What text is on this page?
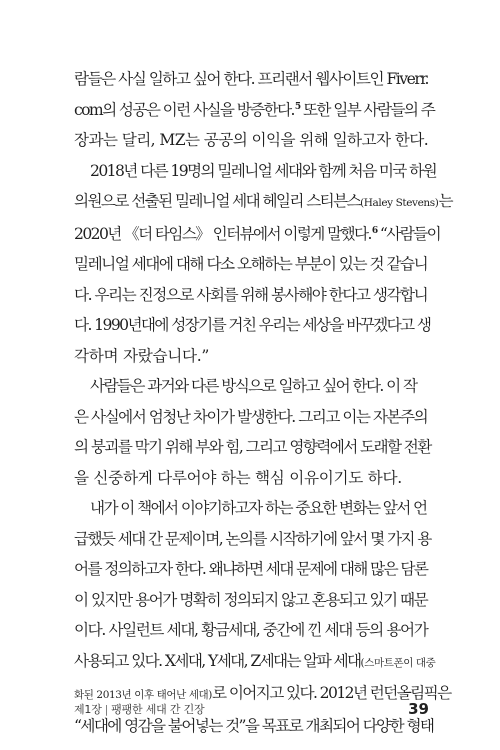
람들은 사실 일하고 싶어 한다. 프리랜서 웹사이트인 Fiverr.
com의 성공은 이런 사실을 방증한다.$^5$ 또한 일부 사람들의 주
장과는 달리, MZ는 공공의 이익을 위해 일하고자 한다.
2018년 다른 19명의 밀레니얼 세대와 함께 처음 미국 하원
의원으로 선출된 밀레니얼 세대 헤일리 스티븐스(Haley Stevens)는
2020년 《더 타임스》 인터뷰에서 이렇게 말했다.$^6$ “사람들이
밀레니얼 세대에 대해 다소 오해하는 부분이 있는 것 같습니
다. 우리는 진정으로 사회를 위해 봉사해야 한다고 생각합니
다. 1990년대에 성장기를 거친 우리는 세상을 바꾸겠다고 생
각하며 자랐습니다.”
사람들은 과거와 다른 방식으로 일하고 싶어 한다. 이 작
은 사실에서 엄청난 차이가 발생한다. 그리고 이는 자본주의
의 붕괴를 막기 위해 부와 힘, 그리고 영향력에서 도래할 전환
을 신중하게 다루어야 하는 핵심 이유이기도 하다.
내가 이 책에서 이야기하고자 하는 중요한 변화는 앞서 언
급했듯 세대 간 문제이며, 논의를 시작하기에 앞서 몇 가지 용
어를 정의하고자 한다. 왜냐하면 세대 문제에 대해 많은 담론
이 있지만 용어가 명확히 정의되지 않고 혼용되고 있기 때문
이다. 사일런트 세대, 황금세대, 중간에 낀 세대 등의 용어가
사용되고 있다. X세대, Y세대, Z세대는 알파 세대(스마트폰이 대중
화된 2013년 이후 태어난 세대)로 이어지고 있다. 2012년 런던올림픽은
“세대에 영감을 불어넣는 것”을 목표로 개최되어 다양한 형태
제1장 | 팽팽한 세대 간 긴장	39
